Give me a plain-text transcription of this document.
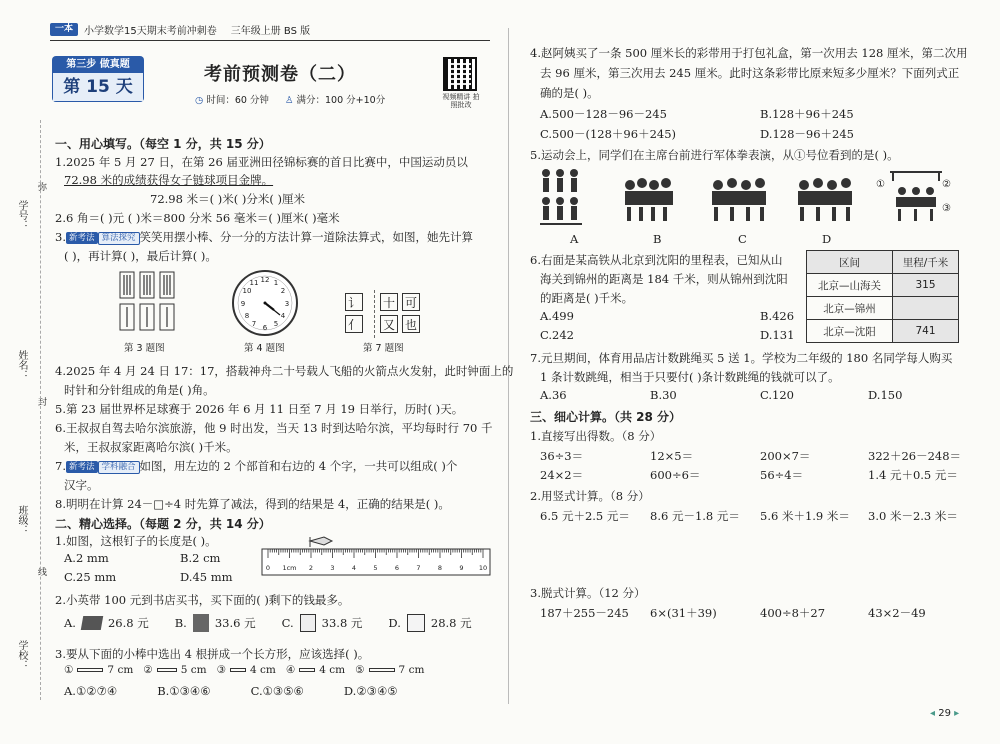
一本	小学数学15天期末考前冲刺卷 三年级上册 BS 版
第三步 做真题
第 15 天
考前预测卷（二）
◷ 时间：60 分钟 ♙ 满分：100 分+10分	视频精讲 拍照批改
学号：
姓名：
班级：
学校：
弥
封
线
一、用心填写。（每空 1 分，共 15 分）
1.2025 年 5 月 27 日，在第 26 届亚洲田径锦标赛的首日比赛中，中国运动员以
72.98 米的成绩获得女子链球项目金牌。
72.98 米＝( )米( )分米( )厘米
2.6 角＝( )元 ( )米＝800 分米 56 毫米＝( )厘米( )毫米
3. 新考法 算法探究 笑笑用摆小棒、分一分的方法计算一道除法算式，如图，她先计算
( )，再计算( )，最后计算( )。
第 3 题图
12 1
2
3
4
5
6
7
8
9
10
11
第 4 题图
讠
亻
十 可
又 也
第 7 题图
4.2025 年 4 月 24 日 17：17，搭载神舟二十号载人飞船的火箭点火发射，此时钟面上的
时针和分针组成的角是( )角。
5.第 23 届世界杯足球赛于 2026 年 6 月 11 日至 7 月 19 日举行，历时( )天。
6.王叔叔自驾去哈尔滨旅游，他 9 时出发，当天 13 时到达哈尔滨，平均每时行 70 千
米，王叔叔家距离哈尔滨( )千米。
7. 新考法 学科融合 如图，用左边的 2 个部首和右边的 4 个字，一共可以组成( )个
汉字。
8.明明在计算 24－□÷4 时先算了减法，得到的结果是 4，正确的结果是( )。
二、精心选择。（每题 2 分，共 14 分）
1.如图，这根钉子的长度是( )。
A.2 mm	B.2 cm
C.25 mm	D.45 mm
0 1cm 2	3	4	5	6	7	8	9 10
2.小英带 100 元到书店买书，买下面的( )剩下的钱最多。
A.	26.8 元 B. 33.6 元 C. 33.8 元 D.	28.8 元
3.要从下面的小棒中选出 4 根拼成一个长方形，应该选择( )。
①	7 cm ②	5 cm ③ 4 cm ④ 4 cm ⑤	7 cm
A.①②⑦④	B.①③④⑥	C.①③⑤⑥	D.②③④⑤
4.赵阿姨买了一条 500 厘米长的彩带用于打包礼盒，第一次用去 128 厘米，第二次用
去 96 厘米，第三次用去 245 厘米。此时这条彩带比原来短多少厘米？下面列式正
确的是( )。
A.500－128－96－245	B.128＋96＋245
C.500－(128＋96＋245)	D.128－96＋245
5.运动会上，同学们在主席台前进行军体拳表演，从①号位看到的是( )。
①	②
③
A	B	C	D
6.右面是某高铁从北京到沈阳的里程表，已知从山
海关到锦州的距离是 184 千米，则从锦州到沈阳
的距离是( )千米。
A.499	B.426
C.242	D.131
区间	里程/千米
北京—山海关	315
北京—锦州	
北京—沈阳	741
7.元旦期间，体育用品店计数跳绳买 5 送 1。学校为二年级的 180 名同学每人购买
1 条计数跳绳，相当于只要付( )条计数跳绳的钱就可以了。
A.36	B.30	C.120	D.150
三、细心计算。（共 28 分）
1.直接写出得数。（8 分）
36÷3＝	12×5＝	200×7＝	322＋26－248＝
24×2＝	600÷6＝	56÷4＝	1.4 元＋0.5 元＝
2.用竖式计算。（8 分）
6.5 元＋2.5 元＝ 8.6 元－1.8 元＝ 5.6 米＋1.9 米＝ 3.0 米－2.3 米＝
3.脱式计算。（12 分）
187＋255－245 6×(31＋39)	400÷8＋27	43×2－49
◂ 29 ▸
